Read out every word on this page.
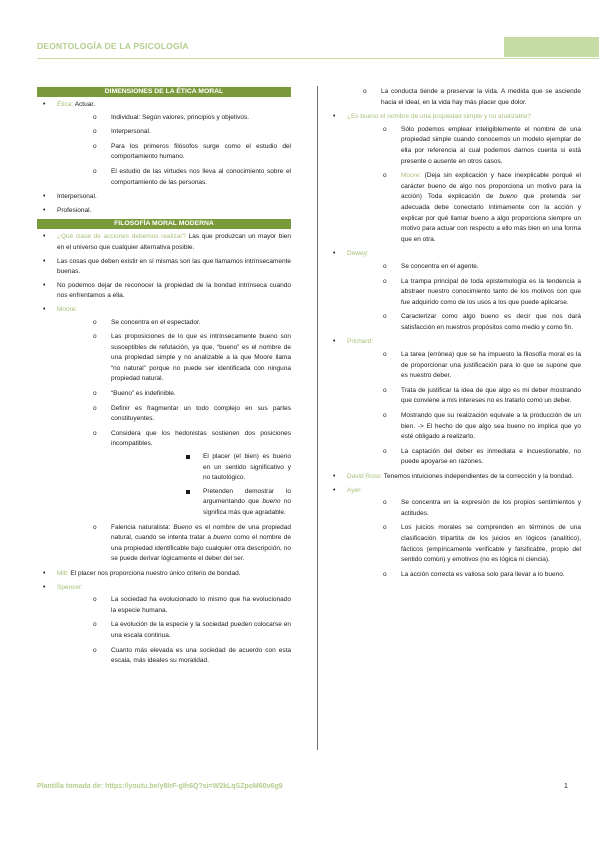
DEONTOLOGÍA DE LA PSICOLOGÍA
DIMENSIONES DE LA ÉTICA MORAL
• Ética: Actuar.
o Individual: Según valores, principios y objetivos.
o Interpersonal.
o Para los primeros filósofos surge como el estudio del comportamiento humano.
o El estudio de las virtudes nos lleva al conocimiento sobre el comportamiento de las personas.
• Interpersonal.
• Profesional.
FILOSOFÍA MORAL MODERNA
• ¿Qué clase de acciones debemos realizar? Las que produzcan un mayor bien en el universo que cualquier alternativa posible.
• Las cosas que deben existir en sí mismas son las que llamamos intrínsecamente buenas.
• No podemos dejar de reconocer la propiedad de la bondad intrínseca cuando nos enfrentamos a ella.
• Moore:
o Se concentra en el espectador.
o Las proposiciones de lo que es intrínsecamente bueno son susceptibles de refutación, ya que, “bueno” es el nombre de una propiedad simple y no analizable a la que Moore llama “no natural” porque no puede ser identificada con ninguna propiedad natural.
o “Bueno” es indefinible.
o Definir es fragmentar un todo complejo en sus partes constituyentes.
o Considera que los hedonistas sostienen dos posiciones incompatibles.
El placer (el bien) es bueno en un sentido significativo y no tautológico.
Pretenden demostrar lo argumentando que bueno no significa más que agradable.
o Falencia naturalista: Bueno es el nombre de una propiedad natural, cuando se intenta tratar a bueno como el nombre de una propiedad identificable bajo cualquier otra descripción, no se puede derivar lógicamente el deber del ser.
• Mill: El placer nos proporciona nuestro único criterio de bondad.
• Spencer:
o La sociedad ha evolucionado lo mismo que ha evolucionado la especie humana.
o La evolución de la especie y la sociedad pueden colocarse en una escala continua.
o Cuanto más elevada es una sociedad de acuerdo con esta escala, más ideales su moralidad.
o La conducta tiende a preservar la vida. A medida que se asciende hacia el ideal, en la vida hay más placer que dolor.
• ¿Es bueno el nombre de una propiedad simple y no analizable?
o Sólo podemos emplear inteligiblemente el nombre de una propiedad simple cuando conocemos un modelo ejemplar de ella por referencia al cual podemos darnos cuenta si está presente o ausente en otros casos.
o Moore: (Deja sin explicación y hace inexplicable porqué el carácter bueno de algo nos proporciona un motivo para la acción) Toda explicación de bueno que pretenda ser adecuada debe conectarlo íntimamente con la acción y explicar por qué llamar bueno a algo proporciona siempre un motivo para actuar con respecto a ello más bien en una forma que en otra.
• Dewey:
o Se concentra en el agente.
o La trampa principal de toda epistemología es la tendencia a abstraer nuestro conocimiento tanto de los motivos con que fue adquirido como de los usos a los que puede aplicarse.
o Caracterizar como algo bueno es decir que nos dará satisfacción en nuestros propósitos como medio y como fin.
• Prichard:
o La tarea (errónea) que se ha impuesto la filosofía moral es la de proporcionar una justificación para lo que se supone que es nuestro deber.
o Trata de justificar la idea de que algo es mi deber mostrando que conviene a mis intereses no es tratarlo como un deber.
o Mostrando que su realización equivale a la producción de un bien. -> El hecho de que algo sea bueno no implica que yo esté obligado a realizarlo.
o La captación del deber es inmediata e incuestionable, no puede apoyarse en razones.
• David Ross: Tenemos intuiciones independientes de la corrección y la bondad.
• Ayer:
o Se concentra en la expresión de los propios sentimientos y actitudes.
o Los juicios morales se comprenden en términos de una clasificación tripartita de los juicios en lógicos (analítico), fácticos (empíricamente verificable y falsificable, propio del sentido común) y emotivos (no es lógica ni ciencia).
o La acción correcta es valiosa solo para llevar a lo bueno.
Plantilla tomada de: https://youtu.be/y8lrF-gIh6Q?si=W2kLqSZpoM60v6g9	1
